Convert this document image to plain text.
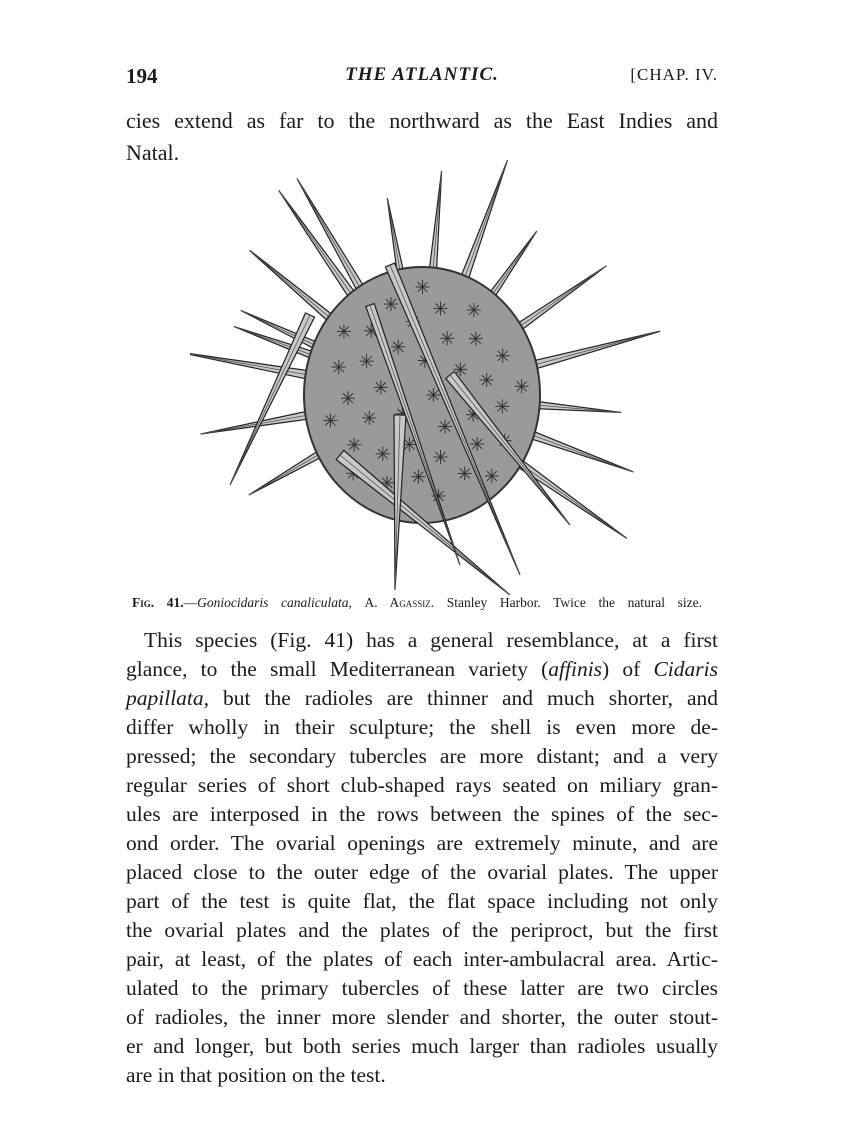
194	THE ATLANTIC.	[CHAP. IV.
cies extend as far to the northward as the East Indies and
Natal.
Fig. 41.—Goniocidaris canaliculata, A. Agassiz. Stanley Harbor. Twice the natural size.
This species (Fig. 41) has a general resemblance, at a first
glance, to the small Mediterranean variety (affinis) of Cidaris
papillata, but the radioles are thinner and much shorter, and
differ wholly in their sculpture; the shell is even more de-
pressed; the secondary tubercles are more distant; and a very
regular series of short club-shaped rays seated on miliary gran-
ules are interposed in the rows between the spines of the sec-
ond order. The ovarial openings are extremely minute, and are
placed close to the outer edge of the ovarial plates. The upper
part of the test is quite flat, the flat space including not only
the ovarial plates and the plates of the periproct, but the first
pair, at least, of the plates of each inter-ambulacral area. Artic-
ulated to the primary tubercles of these latter are two circles
of radioles, the inner more slender and shorter, the outer stout-
er and longer, but both series much larger than radioles usually
are in that position on the test.
